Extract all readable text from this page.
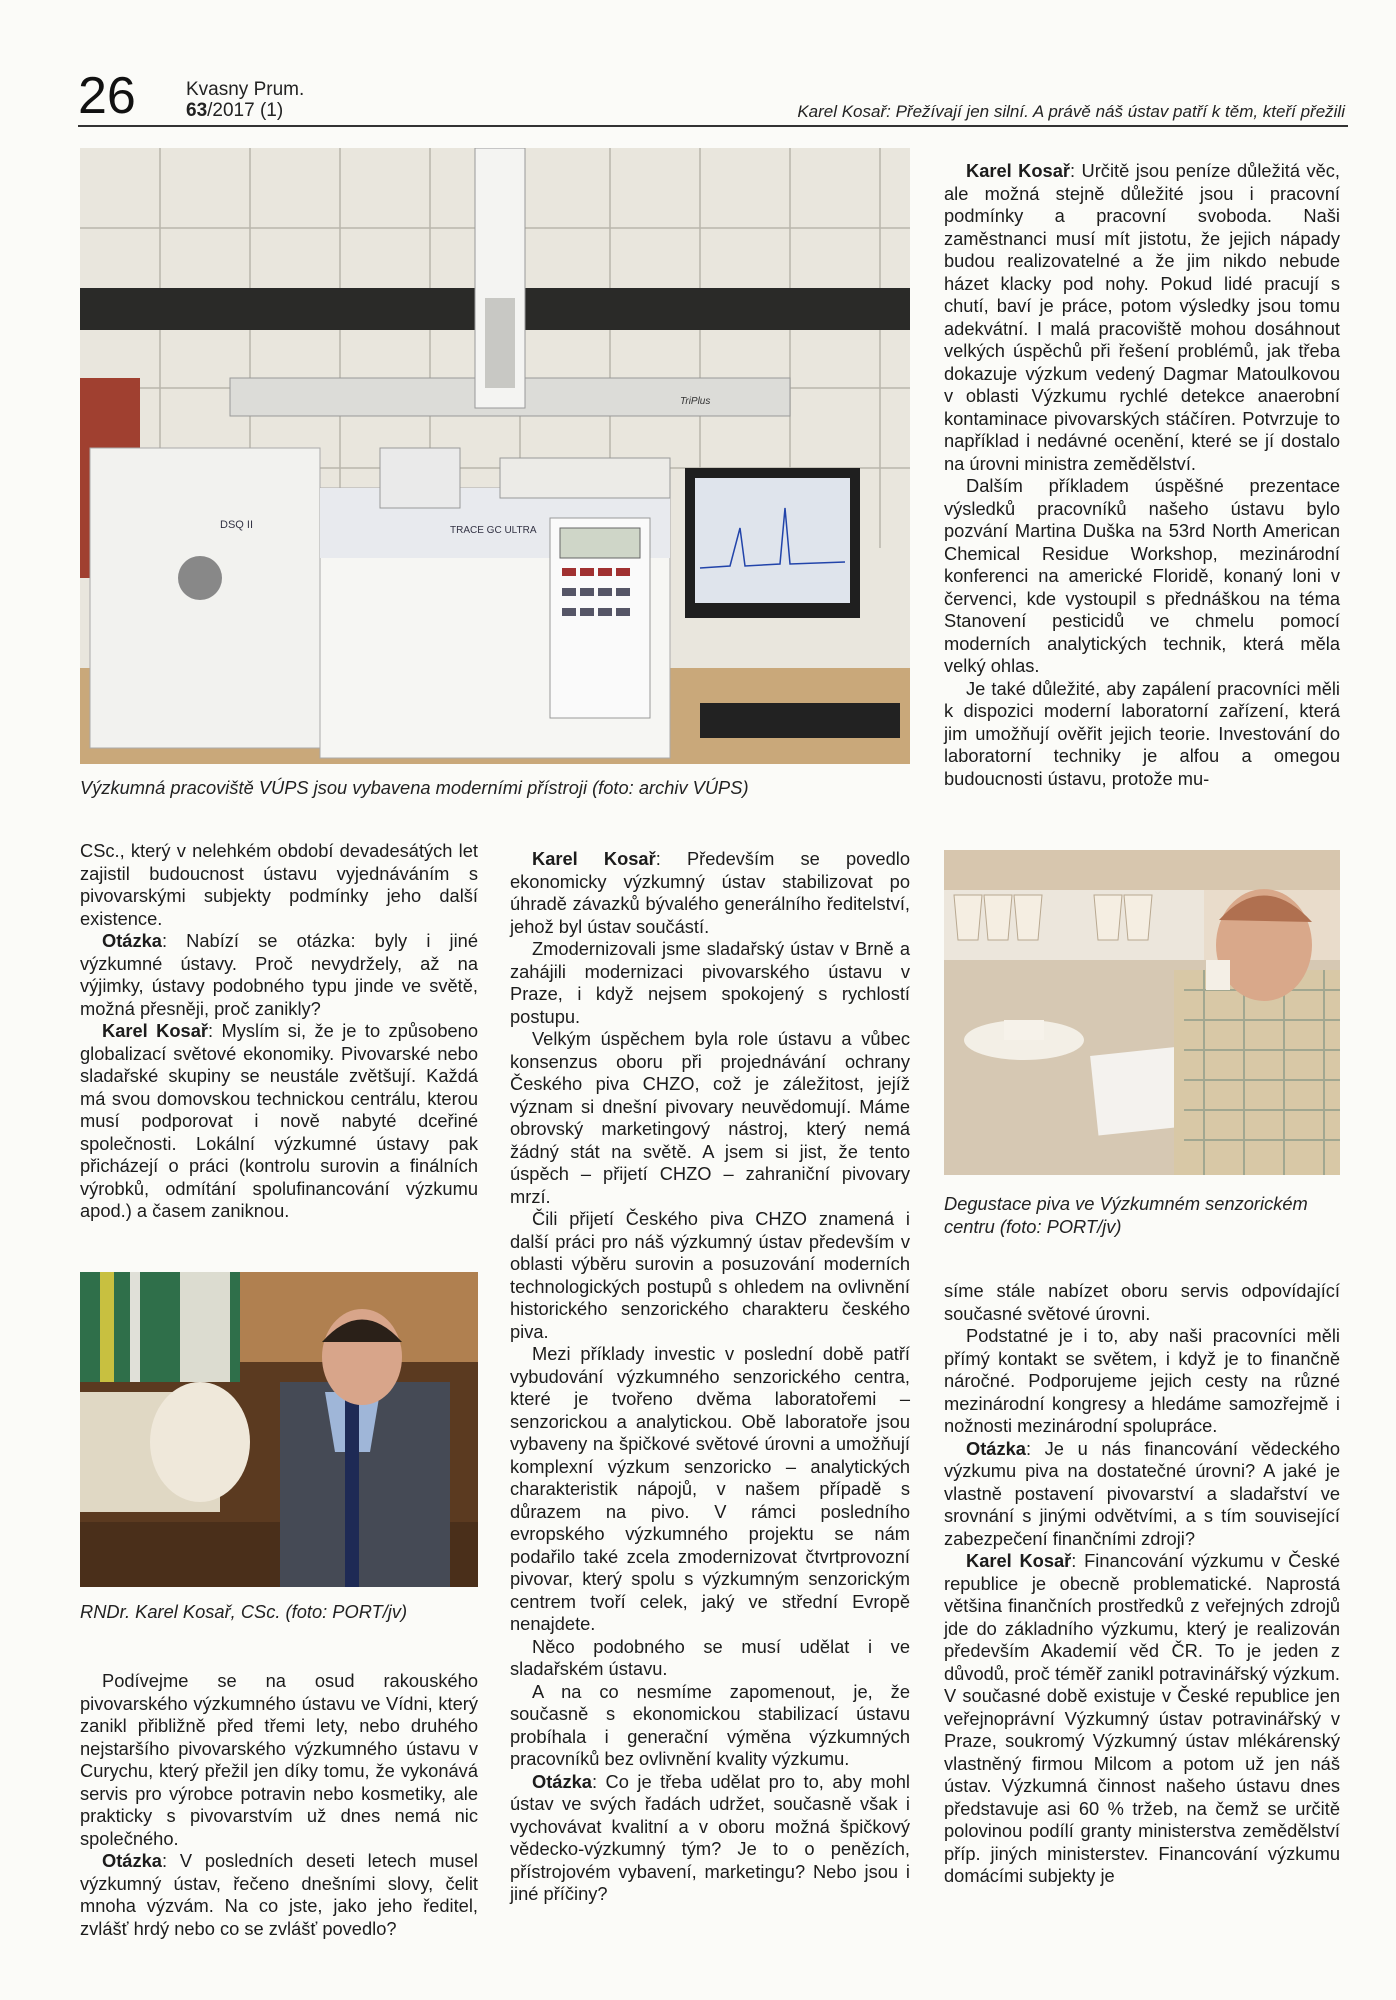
26	Kvasny Prum.
63/2017 (1)	Karel Kosař: Přežívají jen silní. A právě náš ústav patří k těm, kteří přežili
TriPlus
DSQ II	TRACE GC ULTRA
Výzkumná pracoviště VÚPS jsou vybavena moderními přístroji (foto: archiv VÚPS)
RNDr. Karel Kosař, CSc. (foto: PORT/jv)
Degustace piva ve Výzkumném senzorickém centru (foto: PORT/jv)

CSc., který v nelehkém období devadesátých let zajistil budoucnost ústavu vyjednáváním s pivovarskými subjekty podmínky jeho další existence.

Otázka: Nabízí se otázka: byly i jiné výzkumné ústavy. Proč nevydržely, až na výjimky, ústavy podobného typu jinde ve světě, možná přesněji, proč zanikly?

Karel Kosař: Myslím si, že je to způsobeno globalizací světové ekonomiky. Pivovarské nebo sladařské skupiny se neustále zvětšují. Každá má svou domovskou technickou centrálu, kterou musí podporovat i nově nabyté dceřiné společnosti. Lokální výzkumné ústavy pak přicházejí o práci (kontrolu surovin a finálních výrobků, odmítání spolufinancování výzkumu apod.) a časem zaniknou.

Podívejme se na osud rakouského pivovarského výzkumného ústavu ve Vídni, který zanikl přibližně před třemi lety, nebo druhého nejstaršího pivovarského výzkumného ústavu v Curychu, který přežil jen díky tomu, že vykonává servis pro výrobce potravin nebo kosmetiky, ale prakticky s pivovarstvím už dnes nemá nic společného.

Otázka: V posledních deseti letech musel výzkumný ústav, řečeno dnešními slovy, čelit mnoha výzvám. Na co jste, jako jeho ředitel, zvlášť hrdý nebo co se zvlášť povedlo?

Karel Kosař: Především se povedlo ekonomicky výzkumný ústav stabilizovat po úhradě závazků bývalého generálního ředitelství, jehož byl ústav součástí.

Zmodernizovali jsme sladařský ústav v Brně a zahájili modernizaci pivovarského ústavu v Praze, i když nejsem spokojený s rychlostí postupu.

Velkým úspěchem byla role ústavu a vůbec konsenzus oboru při projednávání ochrany Českého piva CHZO, což je záležitost, jejíž význam si dnešní pivovary neuvědomují. Máme obrovský marketingový nástroj, který nemá žádný stát na světě. A jsem si jist, že tento úspěch – přijetí CHZO – zahraniční pivovary mrzí.

Čili přijetí Českého piva CHZO znamená i další práci pro náš výzkumný ústav především v oblasti výběru surovin a posuzování moderních technologických postupů s ohledem na ovlivnění historického senzorického charakteru českého piva.

Mezi příklady investic v poslední době patří vybudování výzkumného senzorického centra, které je tvořeno dvěma laboratořemi – senzorickou a analytickou. Obě laboratoře jsou vybaveny na špičkové světové úrovni a umožňují komplexní výzkum senzoricko – analytických charakteristik nápojů, v našem případě s důrazem na pivo. V rámci posledního evropského výzkumného projektu se nám podařilo také zcela zmodernizovat čtvrtprovozní pivovar, který spolu s výzkumným senzorickým centrem tvoří celek, jaký ve střední Evropě nenajdete.

Něco podobného se musí udělat i ve sladařském ústavu.

A na co nesmíme zapomenout, je, že současně s ekonomickou stabilizací ústavu probíhala i generační výměna výzkumných pracovníků bez ovlivnění kvality výzkumu.

Otázka: Co je třeba udělat pro to, aby mohl ústav ve svých řadách udržet, současně však i vychovávat kvalitní a v oboru možná špičkový vědecko-výzkumný tým? Je to o penězích, přístrojovém vybavení, marketingu? Nebo jsou i jiné příčiny?

Karel Kosař: Určitě jsou peníze důležitá věc, ale možná stejně důležité jsou i pracovní podmínky a pracovní svoboda. Naši zaměstnanci musí mít jistotu, že jejich nápady budou realizovatelné a že jim nikdo nebude házet klacky pod nohy. Pokud lidé pracují s chutí, baví je práce, potom výsledky jsou tomu adekvátní. I malá pracoviště mohou dosáhnout velkých úspěchů při řešení problémů, jak třeba dokazuje výzkum vedený Dagmar Matoulkovou v oblasti Výzkumu rychlé detekce anaerobní kontaminace pivovarských stáčíren. Potvrzuje to například i nedávné ocenění, které se jí dostalo na úrovni ministra zemědělství.

Dalším příkladem úspěšné prezentace výsledků pracovníků našeho ústavu bylo pozvání Martina Duška na 53rd North American Chemical Residue Workshop, mezinárodní konferenci na americké Floridě, konaný loni v červenci, kde vystoupil s přednáškou na téma Stanovení pesticidů ve chmelu pomocí moderních analytických technik, která měla velký ohlas.

Je také důležité, aby zapálení pracovníci měli k dispozici moderní laboratorní zařízení, která jim umožňují ověřit jejich teorie. Investování do laboratorní techniky je alfou a omegou budoucnosti ústavu, protože mu-

síme stále nabízet oboru servis odpovídající současné světové úrovni.

Podstatné je i to, aby naši pracovníci měli přímý kontakt se světem, i když je to finančně náročné. Podporujeme jejich cesty na různé mezinárodní kongresy a hledáme samozřejmě i nožnosti mezinárodní spolupráce.

Otázka: Je u nás financování vědeckého výzkumu piva na dostatečné úrovni? A jaké je vlastně postavení pivovarství a sladařství ve srovnání s jinými odvětvími, a s tím související zabezpečení finančními zdroji?

Karel Kosař: Financování výzkumu v České republice je obecně problematické. Naprostá většina finančních prostředků z veřejných zdrojů jde do základního výzkumu, který je realizován především Akademií věd ČR. To je jeden z důvodů, proč téměř zanikl potravinářský výzkum. V současné době existuje v České republice jen veřejnoprávní Výzkumný ústav potravinářský v Praze, soukromý Výzkumný ústav mlékárenský vlastněný firmou Milcom a potom už jen náš ústav. Výzkumná činnost našeho ústavu dnes představuje asi 60 % tržeb, na čemž se určitě polovinou podílí granty ministerstva zemědělství příp. jiných ministerstev. Financování výzkumu domácími subjekty je
